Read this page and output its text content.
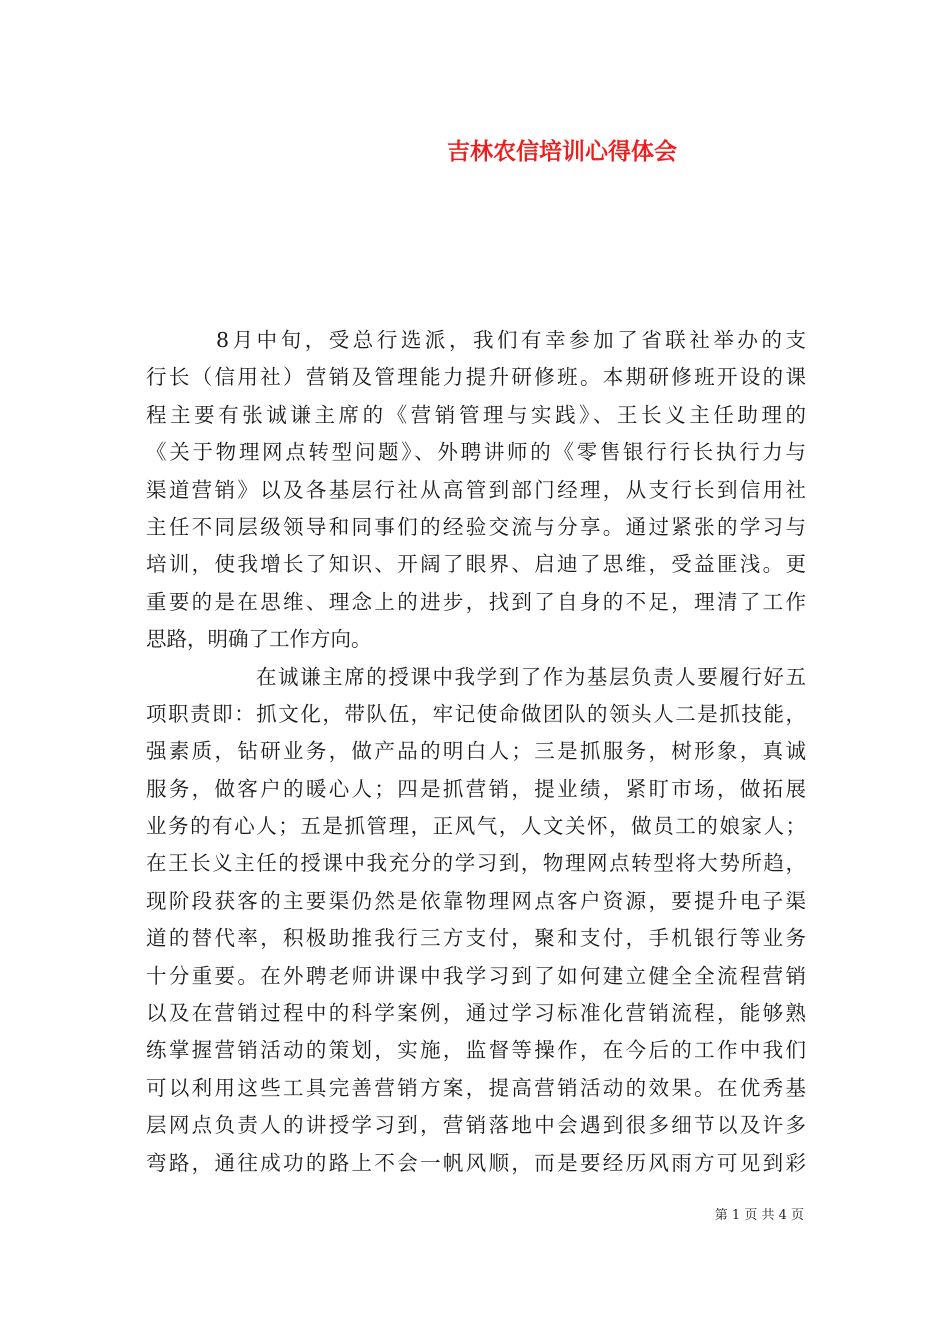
吉林农信培训心得体会
8月中旬，受总行选派，我们有幸参加了省联社举办的支
行长（信用社）营销及管理能力提升研修班。本期研修班开设的课
程主要有张诚谦主席的《营销管理与实践》、王长义主任助理的
《关于物理网点转型问题》、外聘讲师的《零售银行行长执行力与
渠道营销》以及各基层行社从高管到部门经理，从支行长到信用社
主任不同层级领导和同事们的经验交流与分享。通过紧张的学习与
培训，使我增长了知识、开阔了眼界、启迪了思维，受益匪浅。更
重要的是在思维、理念上的进步，找到了自身的不足，理清了工作
思路，明确了工作方向。
在诚谦主席的授课中我学到了作为基层负责人要履行好五
项职责即：抓文化，带队伍，牢记使命做团队的领头人二是抓技能，
强素质，钻研业务，做产品的明白人；三是抓服务，树形象，真诚
服务，做客户的暖心人；四是抓营销，提业绩，紧盯市场，做拓展
业务的有心人；五是抓管理，正风气，人文关怀，做员工的娘家人；
在王长义主任的授课中我充分的学习到，物理网点转型将大势所趋，
现阶段获客的主要渠仍然是依靠物理网点客户资源，要提升电子渠
道的替代率，积极助推我行三方支付，聚和支付，手机银行等业务
十分重要。在外聘老师讲课中我学习到了如何建立健全全流程营销
以及在营销过程中的科学案例，通过学习标准化营销流程，能够熟
练掌握营销活动的策划，实施，监督等操作，在今后的工作中我们
可以利用这些工具完善营销方案，提高营销活动的效果。在优秀基
层网点负责人的讲授学习到，营销落地中会遇到很多细节以及许多
弯路，通往成功的路上不会一帆风顺，而是要经历风雨方可见到彩
第 1 页 共 4 页
